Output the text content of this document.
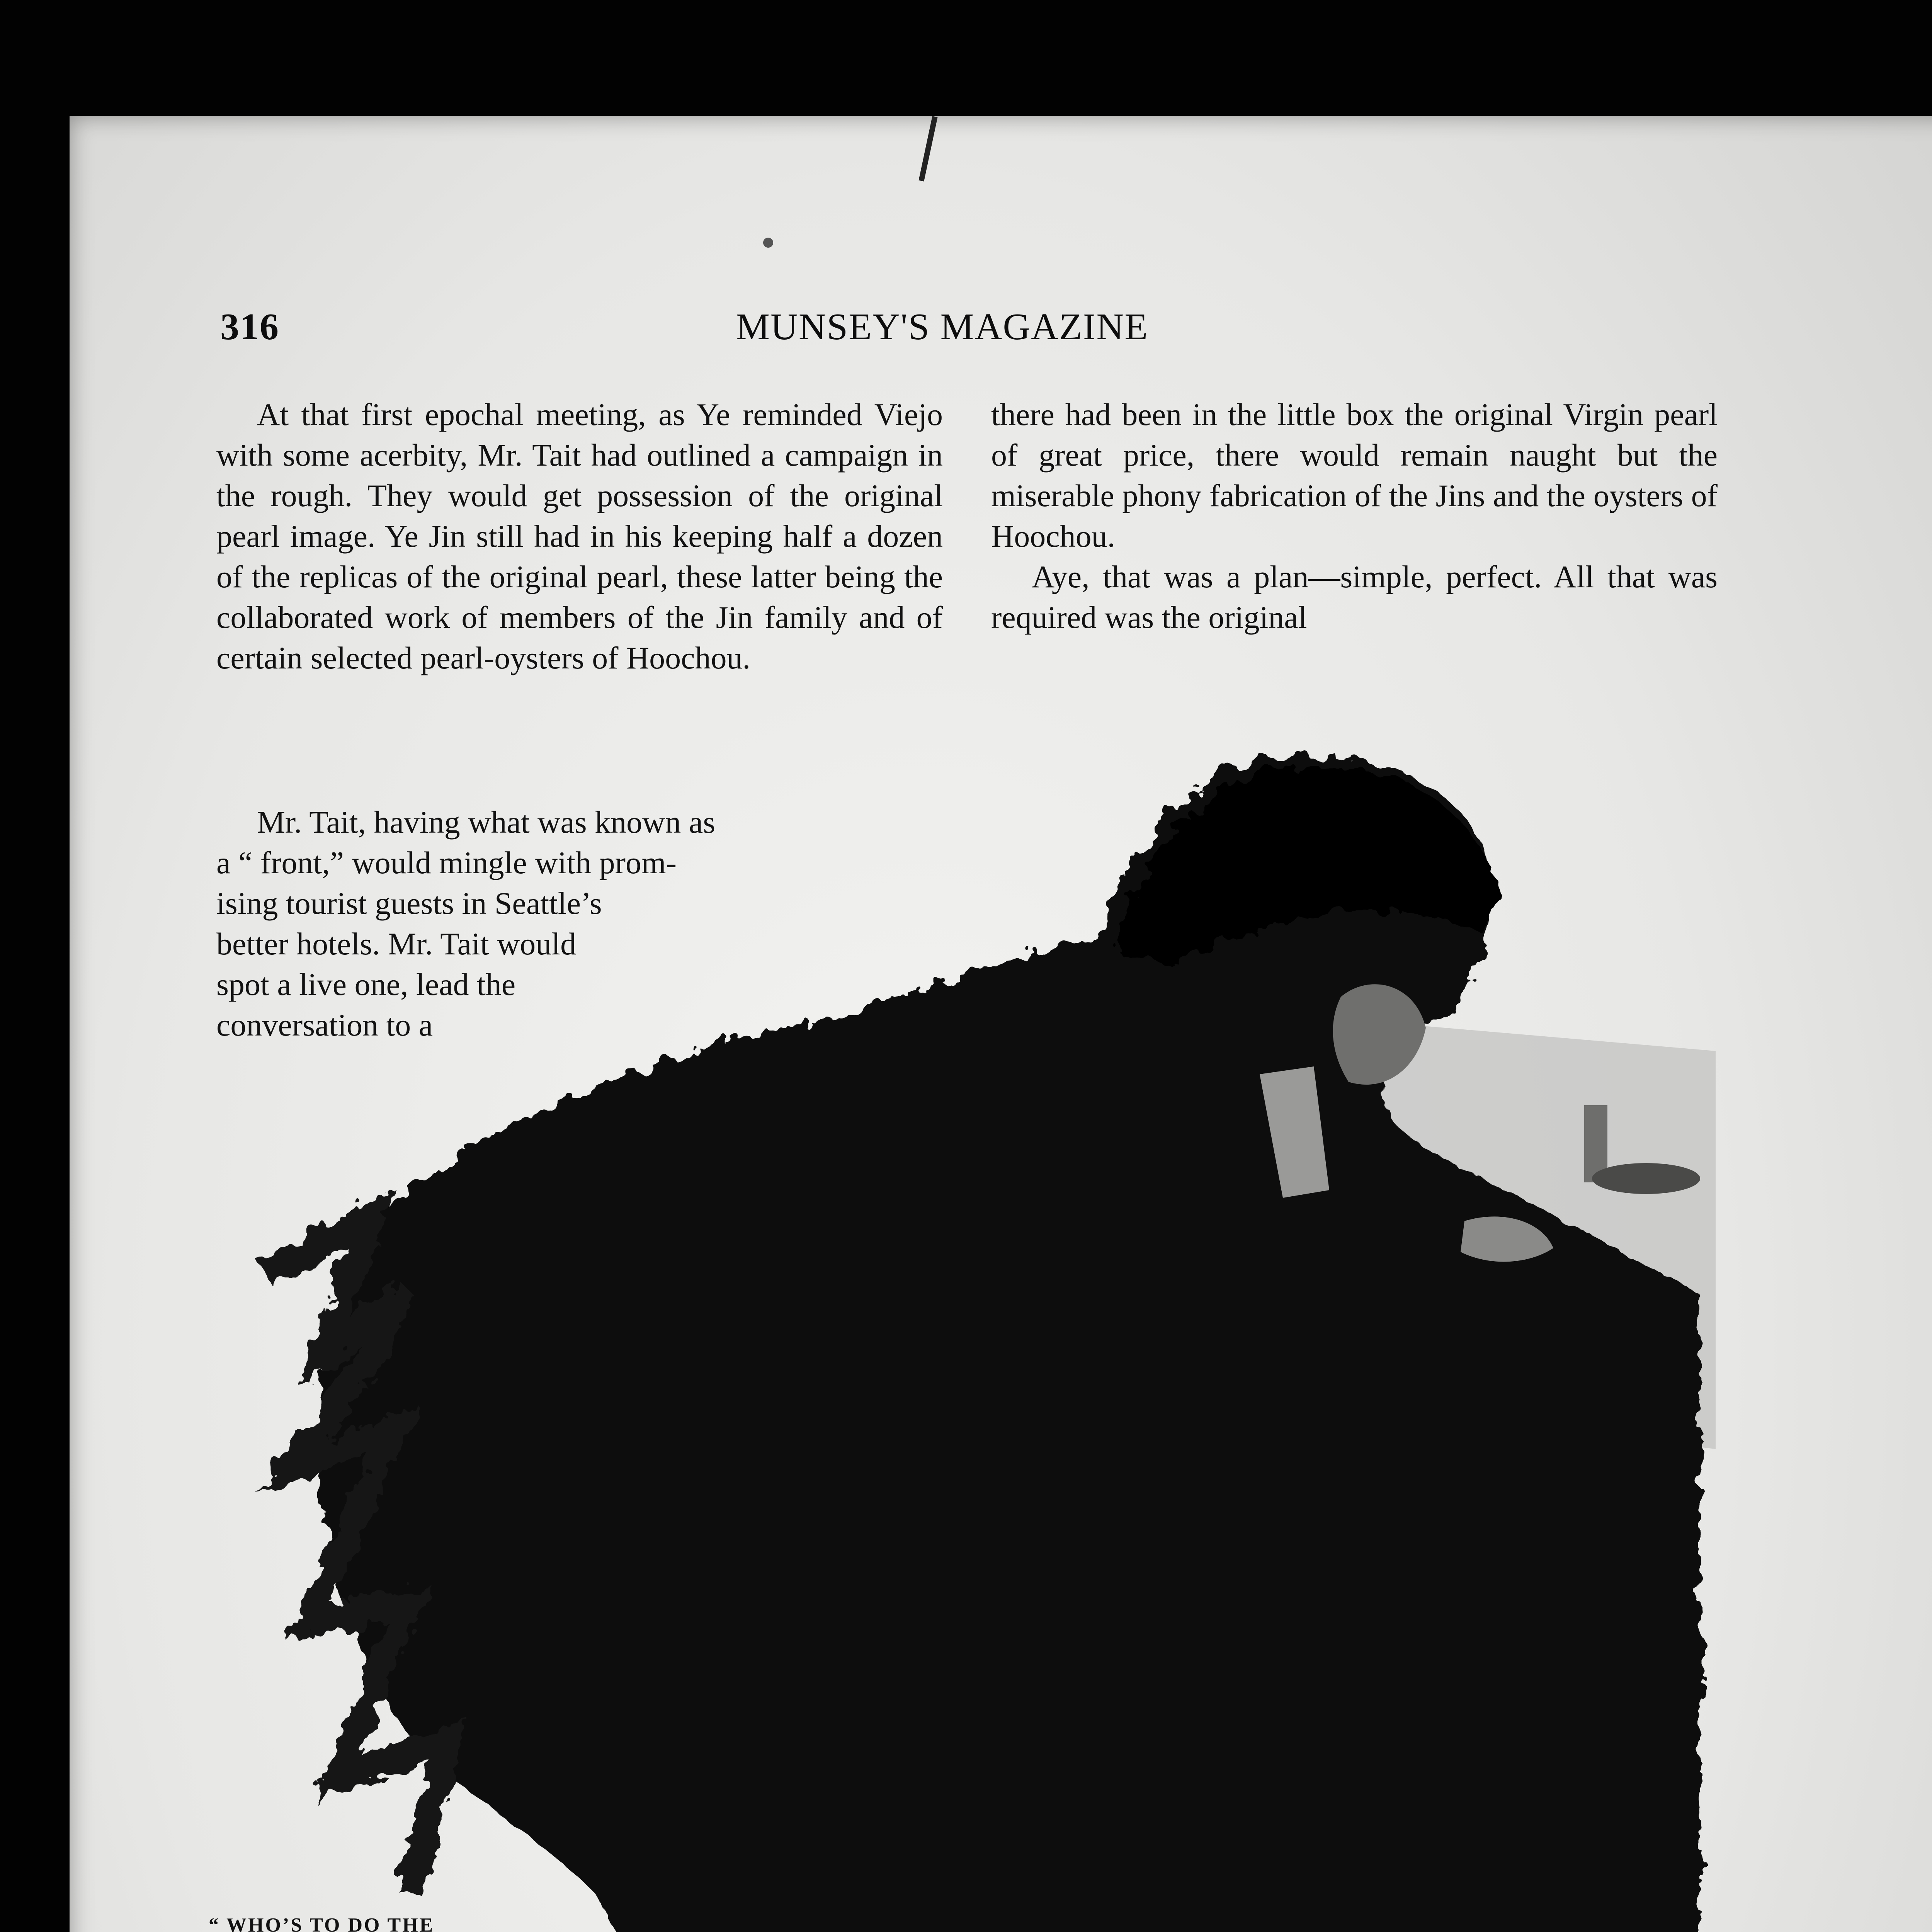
316	MUNSEY'S MAGAZINE

At that first epochal meeting, as Ye reminded Viejo with some acerbity, Mr. Tait had outlined a campaign in the rough. They would get possession of the original pearl image. Ye Jin still had in his keeping half a dozen of the replicas of the original pearl, these latter being the collaborated work of members of the Jin family and of certain selected pearl-oysters of Hoochou.

Mr. Tait, having what was known as
a “ front,” would mingle with prom-
ising tourist guests in Seattle’s
better hotels. Mr. Tait would
spot a live one, lead the
conversation to a

there had been in the little box the original Virgin pearl of great price, there would remain naught but the miserable phony fabrication of the Jins and the oysters of Hoochou.

Aye, that was a plan—simple, perfect. All that was required was the original

“ WHO’S TO DO THE
